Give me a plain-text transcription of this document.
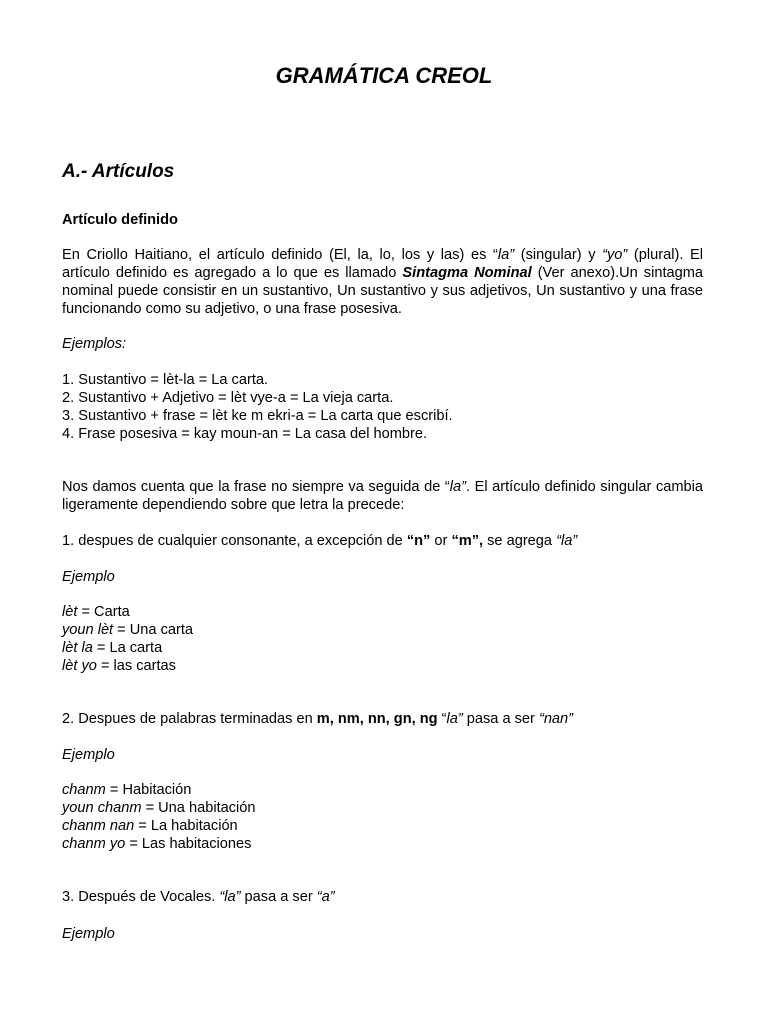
GRAMÁTICA CREOL
A.- Artículos
Artículo definido

En Criollo Haitiano, el artículo definido (El, la, lo, los y las) es “la” (singular) y “yo” (plural). El artículo definido es agregado a lo que es llamado Sintagma Nominal (Ver anexo).Un sintagma nominal puede consistir en un sustantivo, Un sustantivo y sus adjetivos, Un sustantivo y una frase funcionando como su adjetivo, o una frase posesiva.

Ejemplos:
1. Sustantivo = lèt-la = La carta.
2. Sustantivo + Adjetivo = lèt vye-a = La vieja carta.
3. Sustantivo + frase = lèt ke m ekri-a = La carta que escribí.
4. Frase posesiva = kay moun-an = La casa del hombre.

Nos damos cuenta que la frase no siempre va seguida de “la”. El artículo definido singular cambia ligeramente dependiendo sobre que letra la precede:

1. despues de cualquier consonante, a excepción de “n” or “m”, se agrega “la”
Ejemplo
lèt = Carta
youn lèt = Una carta
lèt la = La carta
lèt yo = las cartas
2. Despues de palabras terminadas en m, nm, nn, gn, ng “la” pasa a ser “nan”
Ejemplo
chanm = Habitación
youn chanm = Una habitación
chanm nan = La habitación
chanm yo = Las habitaciones
3. Después de Vocales. “la” pasa a ser “a”
Ejemplo
